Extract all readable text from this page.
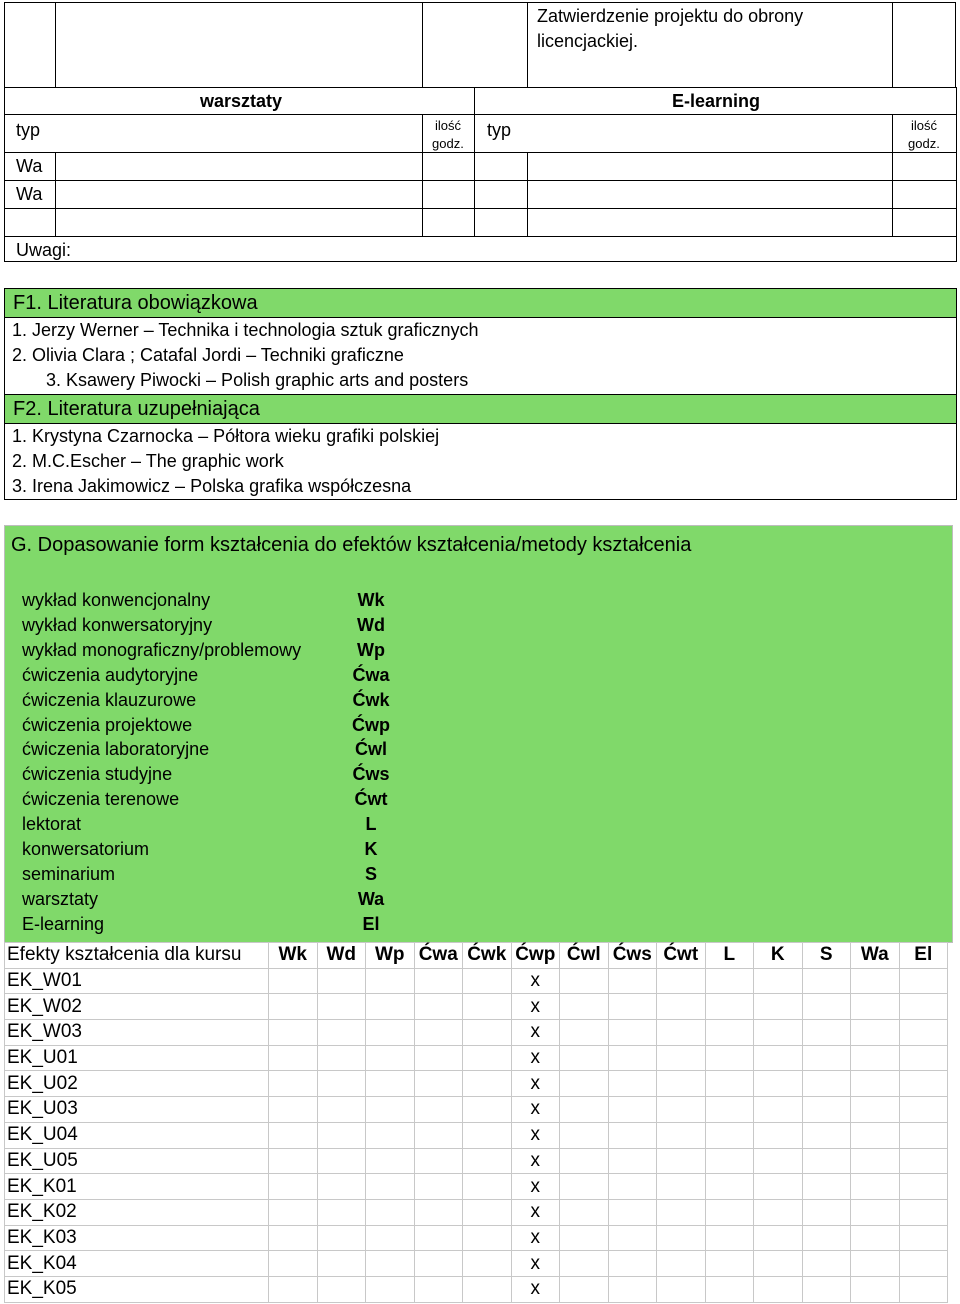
Zatwierdzenie projektu do obrony
licencjackiej.
warsztaty	E-learning
typ	ilość
godz.
typ	ilość
godz.
Wa
Wa
Uwagi:
F1. Literatura obowiązkowa
1. Jerzy Werner – Technika i technologia sztuk graficznych
2. Olivia Clara ; Catafal Jordi – Techniki graficzne
3. Ksawery Piwocki – Polish graphic arts and posters
F2. Literatura uzupełniająca
1. Krystyna Czarnocka – Półtora wieku grafiki polskiej
2. M.C.Escher – The graphic work
3. Irena Jakimowicz – Polska grafika współczesna
G. Dopasowanie form kształcenia do efektów kształcenia/metody kształcenia
wykład konwencjonalny	Wk
wykład konwersatoryjny	Wd
wykład monograficzny/problemowy	Wp
ćwiczenia audytoryjne	Ćwa
ćwiczenia klauzurowe	Ćwk
ćwiczenia projektowe	Ćwp
ćwiczenia laboratoryjne	Ćwl
ćwiczenia studyjne	Ćws
ćwiczenia terenowe	Ćwt
lektorat	L
konwersatorium	K
seminarium	S
warsztaty	Wa
E-learning	El
Efekty kształcenia dla kursu	Wk	Wd	Wp	Ćwa	Ćwk	Ćwp	Ćwl	Ćws	Ćwt	L	K	S	Wa	El
EK_W01						x								
EK_W02						x								
EK_W03						x								
EK_U01						x								
EK_U02						x								
EK_U03						x								
EK_U04						x								
EK_U05						x								
EK_K01						x								
EK_K02						x								
EK_K03						x								
EK_K04						x								
EK_K05						x								
